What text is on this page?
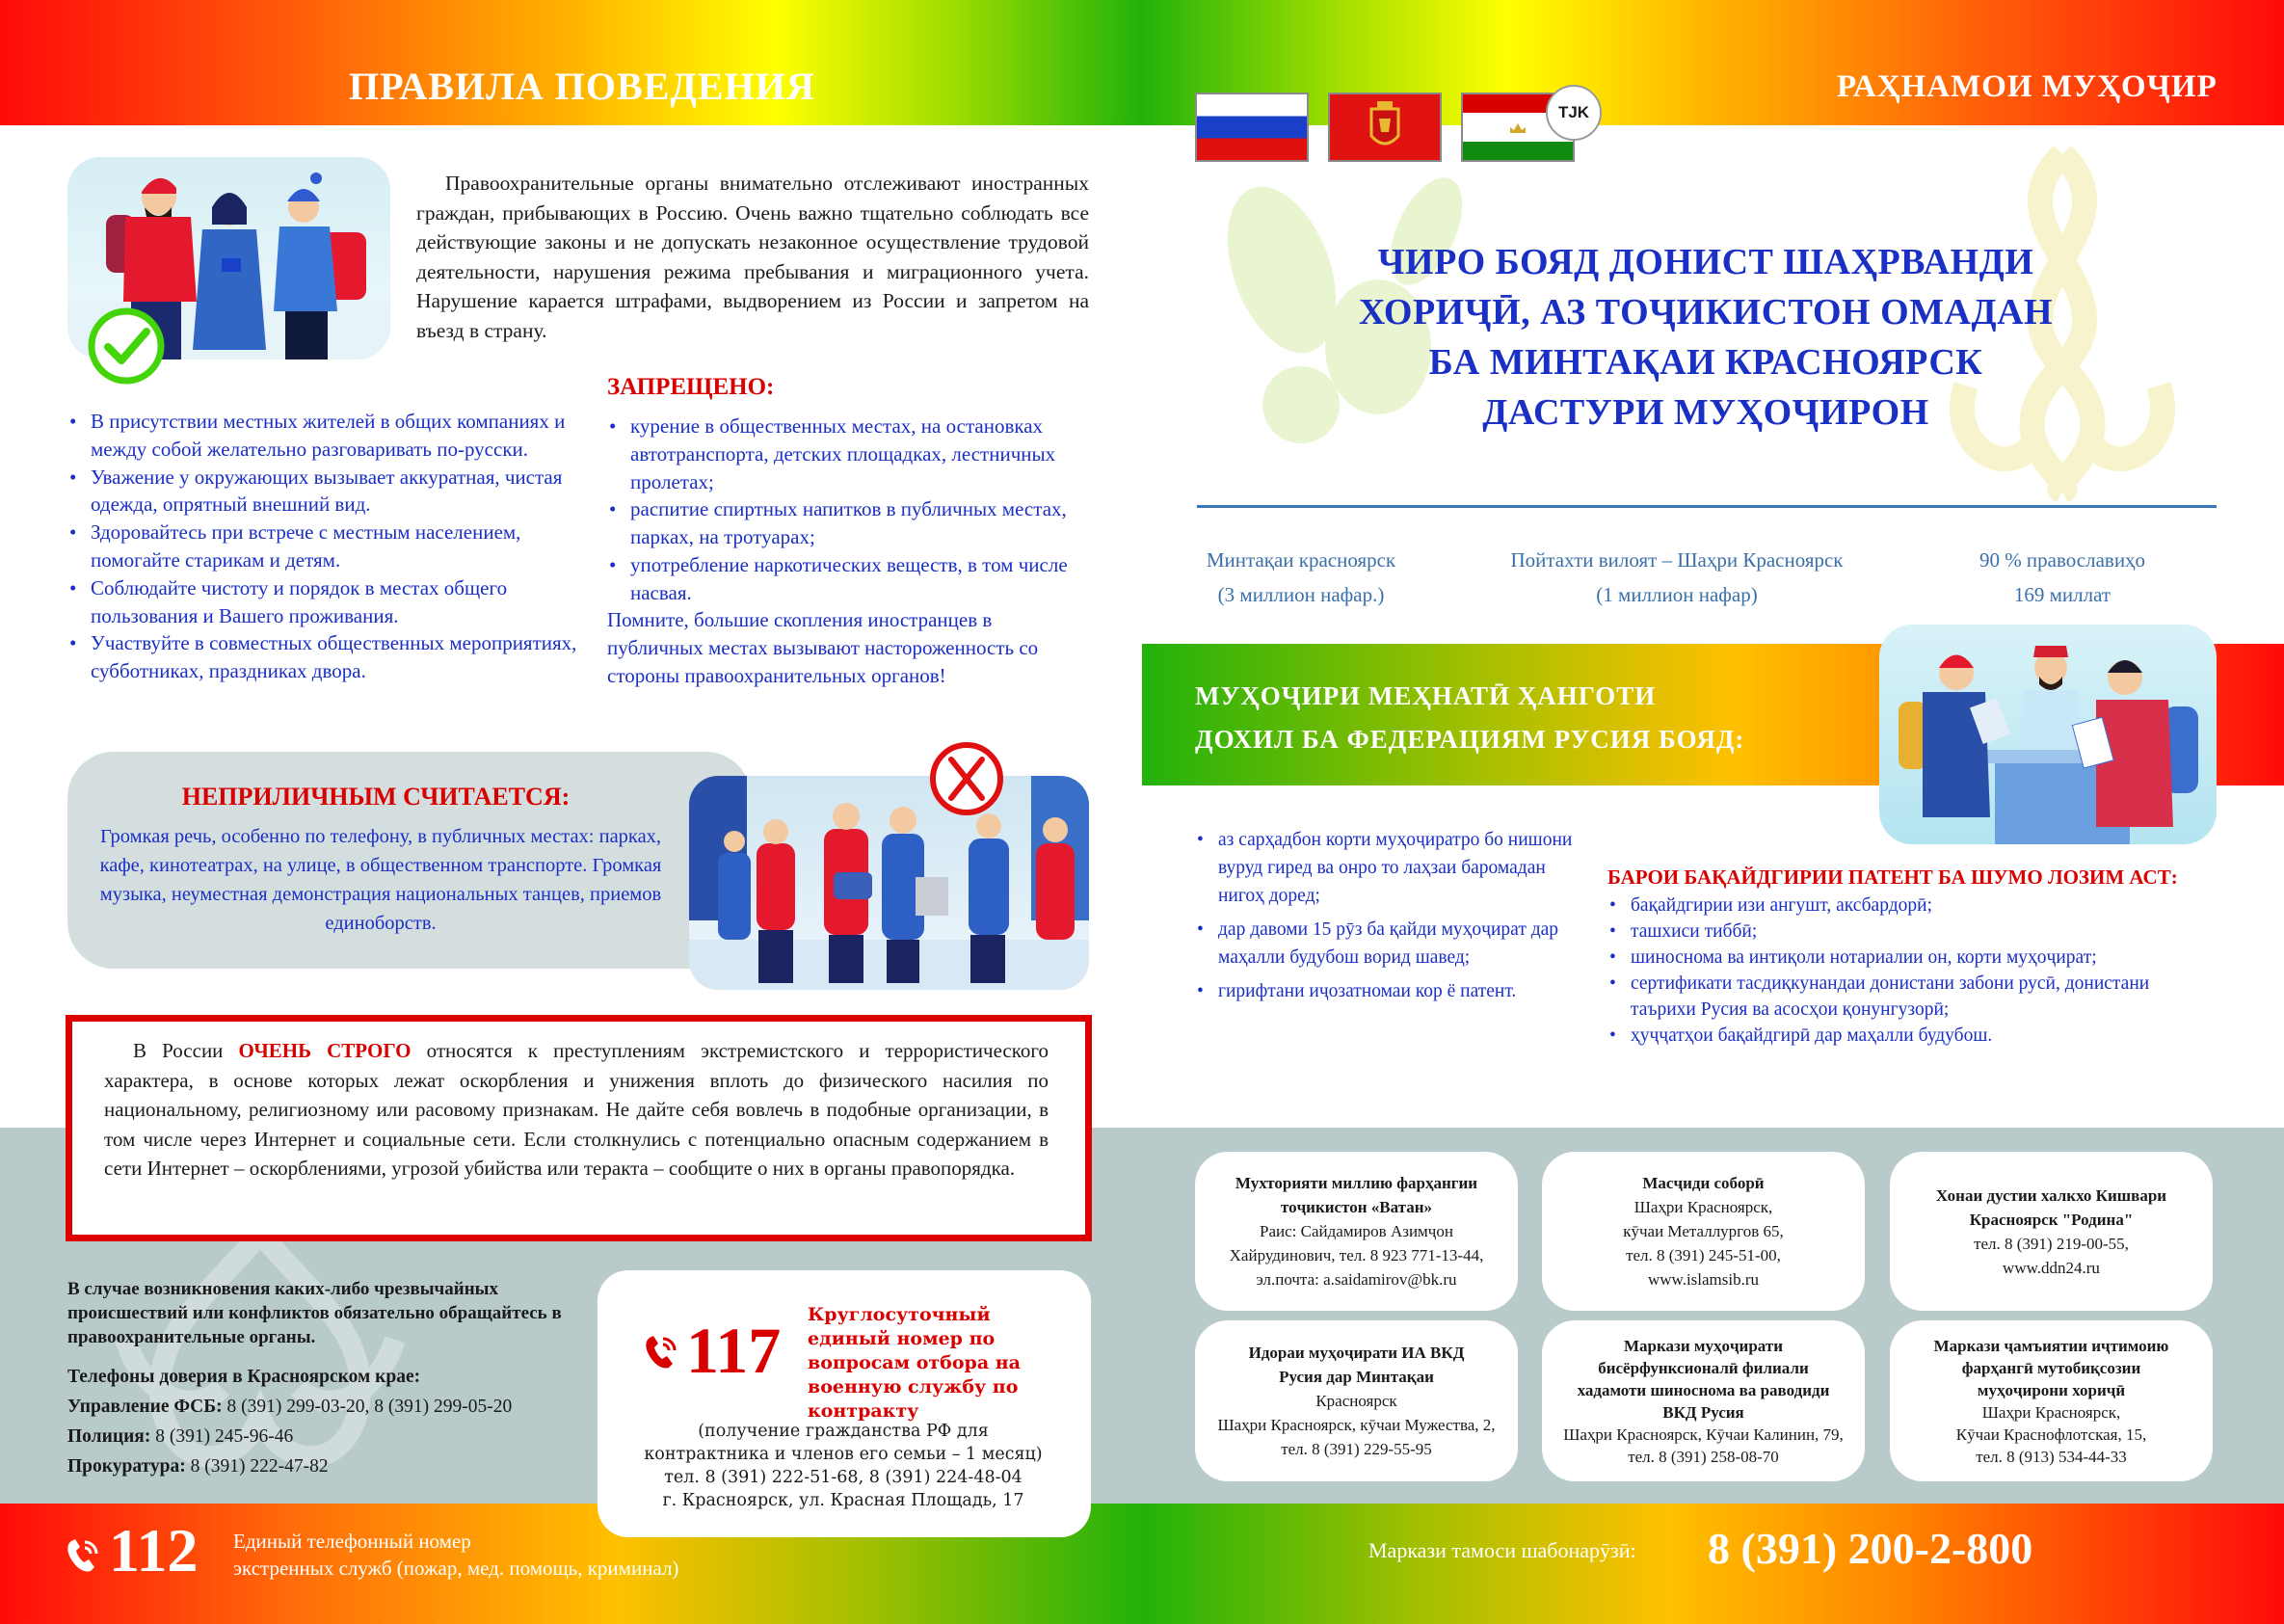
ПРАВИЛА ПОВЕДЕНИЯ

Правоохранительные органы внимательно отслеживают иностранных граждан, прибывающих в Россию. Очень важно тщательно соблюдать все действующие законы и не допускать незаконное осуществление трудовой деятельности, нарушения режима пребывания и миграционного учета. Нарушение карается штрафами, выдворением из России и запретом на въезд в страну.

• В присутствии местных жителей в общих компаниях и между собой желательно разговаривать по-русски.
• Уважение у окружающих вызывает аккуратная, чистая одежда, опрятный внешний вид.
• Здоровайтесь при встрече с местным населением, помогайте старикам и детям.
• Соблюдайте чистоту и порядок в местах общего пользования и Вашего проживания.
• Участвуйте в совместных общественных мероприятиях, субботниках, праздниках двора.
ЗАПРЕЩЕНО:
• курение в общественных местах, на остановках автотранспорта, детских площадках, лестничных пролетах;
• распитие спиртных напитков в публичных местах, парках, на тротуарах;
• употребление наркотических веществ, в том числе насвая.

Помните, большие скопления иностранцев в публичных местах вызывают настороженность со стороны правоохранительных органов!

НЕПРИЛИЧНЫМ СЧИТАЕТСЯ:

Громкая речь, особенно по телефону, в публичных местах: парках, кафе, кинотеатрах, на улице, в общественном транспорте. Громкая музыка, неуместная демонстрация национальных танцев, приемов единоборств.

В России ОЧЕНЬ СТРОГО относятся к преступлениям экстремистского и террористического характера, в основе которых лежат оскорбления и унижения вплоть до физического насилия по национальному, религиозному или расовому признакам. Не дайте себя вовлечь в подобные организации, в том числе через Интернет и социальные сети. Если столкнулись с потенциально опасным содержанием в сети Интернет – оскорблениями, угрозой убийства или теракта – сообщите о них в органы правопорядка.

В случае возникновения каких-либо чрезвычайных происшествий или конфликтов обязательно обращайтесь в правоохранительные органы.

Телефоны доверия в Красноярском крае:
Управление ФСБ: 8 (391) 299-03-20, 8 (391) 299-05-20
Полиция: 8 (391) 245-96-46
Прокуратура: 8 (391) 222-47-82
117 Круглосуточный единый номер по вопросам отбора на военную службу по контракту
(получение гражданства РФ для
контрактника и членов его семьи – 1 месяц)
тел. 8 (391) 222-51-68, 8 (391) 224-48-04
г. Красноярск, ул. Красная Площадь, 17
112 Единый телефонный номер
экстренных служб (пожар, мед. помощь, криминал)
РАҲНАМОИ МУҲОҶИР
TJK
ЧИРО БОЯД ДОНИСТ ШАҲРВАНДИ
ХОРИҶӢ, АЗ ТОҶИКИСТОН ОМАДАН
БА МИНТАҚАИ КРАСНОЯРСК
ДАСТУРИ МУҲОҶИРОН
Минтақаи красноярск
(3 миллион нафар.)
Пойтахти вилоят – Шаҳри Красноярск
(1 миллион нафар)
90 % православиҳо
169 миллат
МУҲОҶИРИ МЕҲНАТӢ ҲАНГОТИ
ДОХИЛ БА ФЕДЕРАЦИЯМ РУСИЯ БОЯД:
• аз сарҳадбон корти муҳоҷиратро бо нишони вуруд гиред ва онро то лаҳзаи баромадан нигоҳ доред;
• дар давоми 15 рӯз ба қайди муҳоҷират дар маҳалли будубош ворид шавед;
• гирифтани иҷозатномаи кор ё патент.
БАРОИ БАҚАЙДГИРИИ ПАТЕНТ БА ШУМО ЛОЗИМ АСТ:
• бақайдгирии изи ангушт, аксбардорӣ;
• ташхиси тиббӣ;
• шиноснома ва интиқоли нотариалии он, корти муҳоҷират;
• сертификати тасдиқкунандаи донистани забони русӣ, донистани таърихи Русия ва асосҳои қонунгузорӣ;
• ҳуҷҷатҳои бақайдгирӣ дар маҳалли будубош.
Мухторияти миллию фарҳангии
тоҷикистон «Ватан»
Раис: Сайдамиров Азимҷон
Хайрудинович, тел. 8 923 771-13-44,
эл.почта: a.saidamirov@bk.ru
Масҷиди соборӣ
Шаҳри Красноярск,
кӯчаи Металлургов 65,
тел. 8 (391) 245-51-00,
www.islamsib.ru
Хонаи дустии халкхо Кишвари
Красноярск "Родина"
тел. 8 (391) 219-00-55,
www.ddn24.ru
Идораи муҳоҷирати ИА ВКД
Русия дар Минтақаи
Красноярск
Шаҳри Красноярск, кӯчаи Мужества, 2,
тел. 8 (391) 229-55-95
Маркази муҳоҷирати
бисёрфунксионалӣ филиали
хадамоти шиноснома ва раводиди
ВКД Русия
Шаҳри Красноярск, Кӯчаи Калинин, 79,
тел. 8 (391) 258-08-70
Маркази ҷамъиятии иҷтимоию
фарҳангӣ мутобиқсозии
муҳоҷирони хориҷӣ
Шаҳри Красноярск,
Кӯчаи Краснофлотская, 15,
тел. 8 (913) 534-44-33
Маркази тамоси шабонарӯзӣ: 8 (391) 200-2-800
